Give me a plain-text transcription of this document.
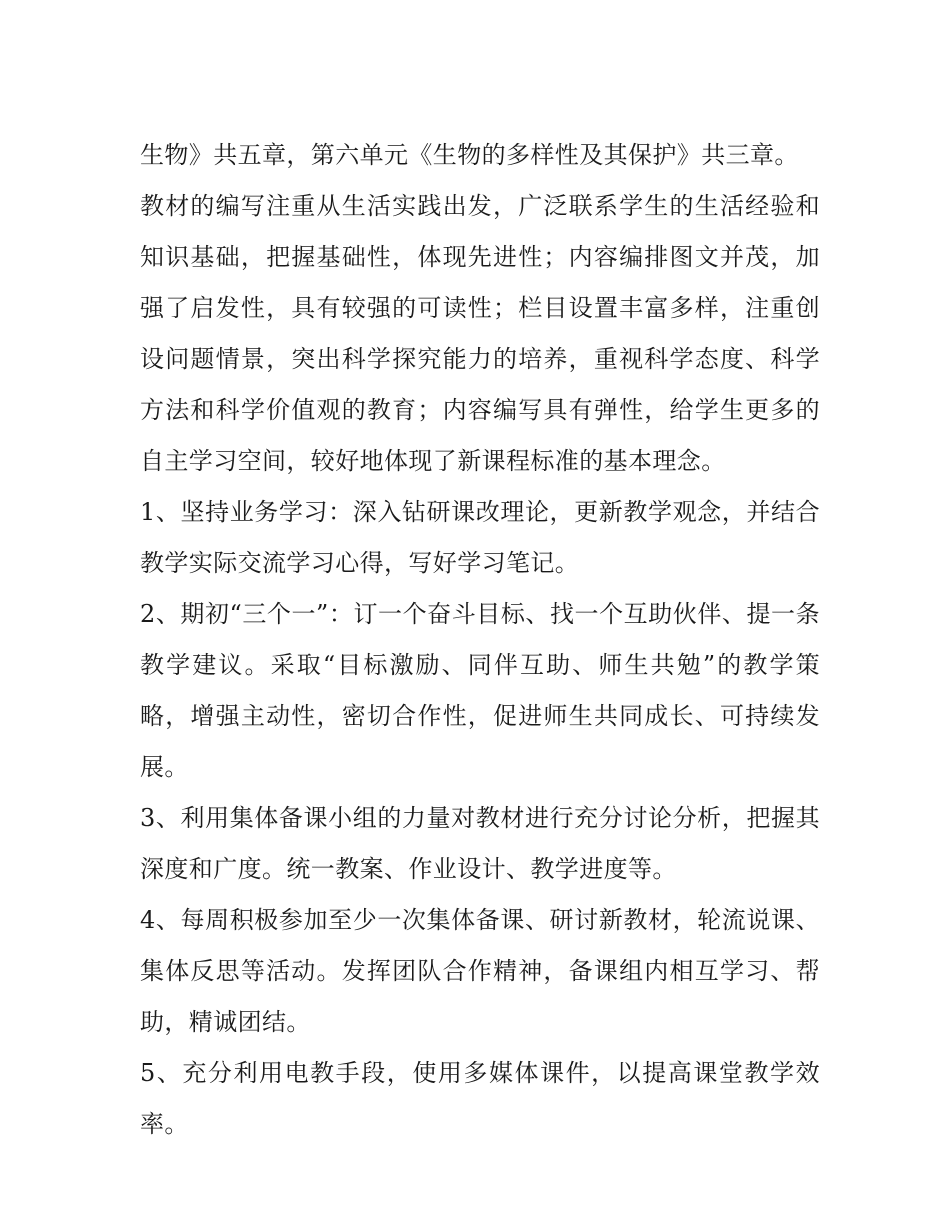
生物》共五章，第六单元《生物的多样性及其保护》共三章。

教材的编写注重从生活实践出发，广泛联系学生的生活经验和知识基础，把握基础性，体现先进性；内容编排图文并茂，加强了启发性，具有较强的可读性；栏目设置丰富多样，注重创设问题情景，突出科学探究能力的培养，重视科学态度、科学方法和科学价值观的教育；内容编写具有弹性，给学生更多的自主学习空间，较好地体现了新课程标准的基本理念。

1、坚持业务学习：深入钻研课改理论，更新教学观念，并结合教学实际交流学习心得，写好学习笔记。

2、期初“三个一”：订一个奋斗目标、找一个互助伙伴、提一条教学建议。采取“目标激励、同伴互助、师生共勉”的教学策略，增强主动性，密切合作性，促进师生共同成长、可持续发展。

3、利用集体备课小组的力量对教材进行充分讨论分析，把握其深度和广度。统一教案、作业设计、教学进度等。

4、每周积极参加至少一次集体备课、研讨新教材，轮流说课、集体反思等活动。发挥团队合作精神，备课组内相互学习、帮助，精诚团结。

5、充分利用电教手段，使用多媒体课件，以提高课堂教学效率。
